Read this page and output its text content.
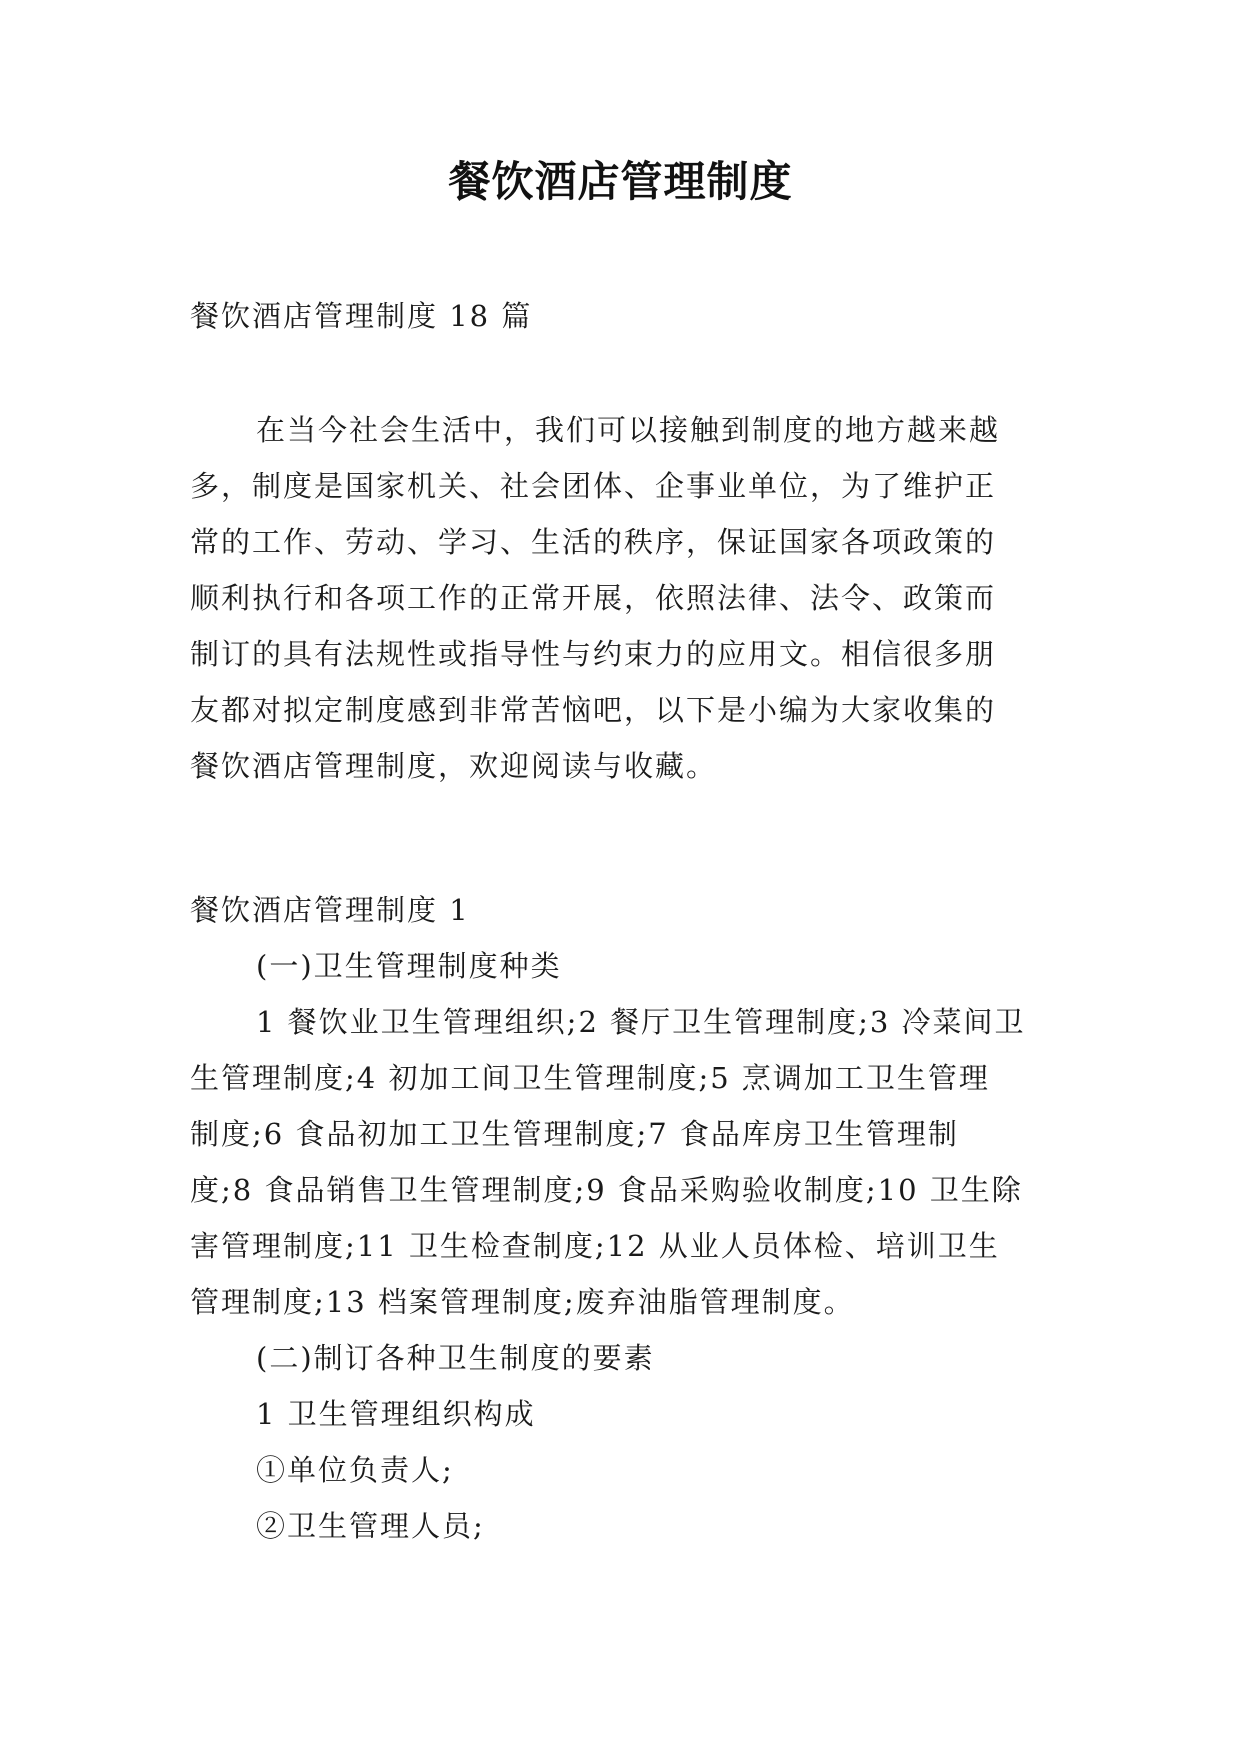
餐饮酒店管理制度

餐饮酒店管理制度 18 篇

在当今社会生活中，我们可以接触到制度的地方越来越
多，制度是国家机关、社会团体、企事业单位，为了维护正
常的工作、劳动、学习、生活的秩序，保证国家各项政策的
顺利执行和各项工作的正常开展，依照法律、法令、政策而
制订的具有法规性或指导性与约束力的应用文。相信很多朋
友都对拟定制度感到非常苦恼吧，以下是小编为大家收集的
餐饮酒店管理制度，欢迎阅读与收藏。

餐饮酒店管理制度 1

(一)卫生管理制度种类
1 餐饮业卫生管理组织;2 餐厅卫生管理制度;3 冷菜间卫
生管理制度;4 初加工间卫生管理制度;5 烹调加工卫生管理
制度;6 食品初加工卫生管理制度;7 食品库房卫生管理制
度;8 食品销售卫生管理制度;9 食品采购验收制度;10 卫生除
害管理制度;11 卫生检查制度;12 从业人员体检、培训卫生
管理制度;13 档案管理制度;废弃油脂管理制度。
(二)制订各种卫生制度的要素
1 卫生管理组织构成
①单位负责人;
②卫生管理人员;
